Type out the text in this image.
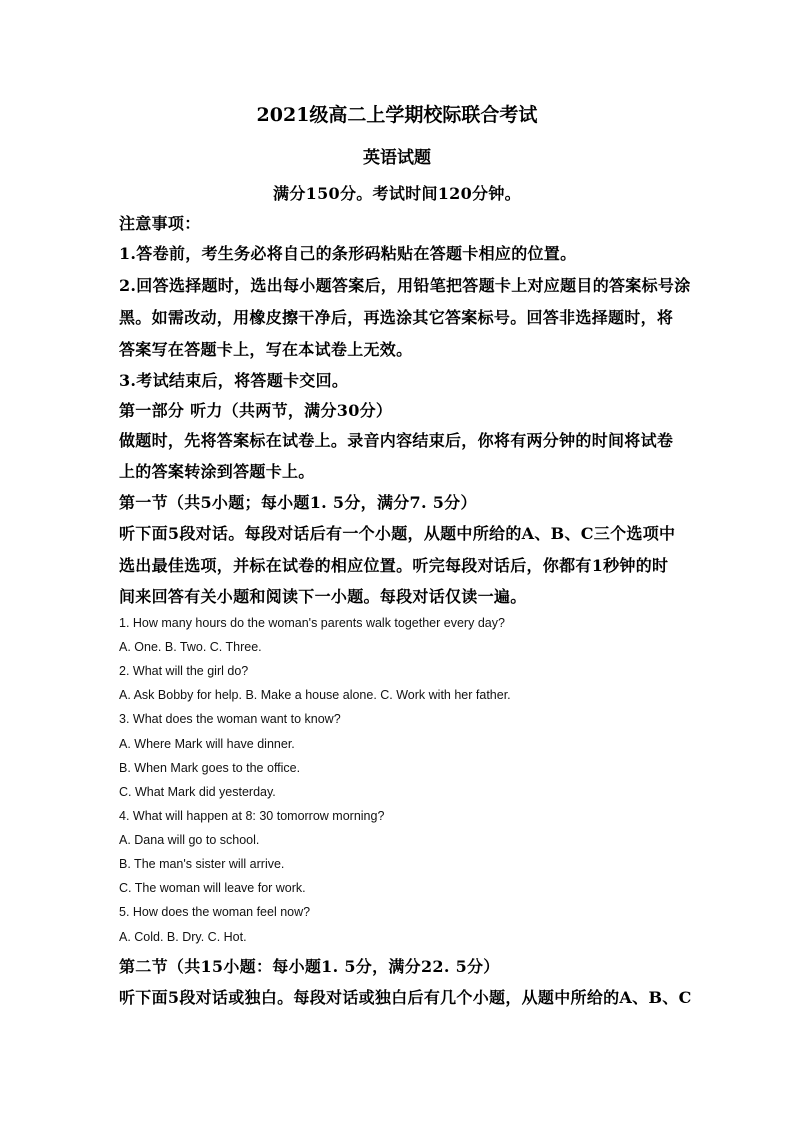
2021级高二上学期校际联合考试
英语试题
满分150分。考试时间120分钟。
注意事项：
1.答卷前，考生务必将自己的条形码粘贴在答题卡相应的位置。
2.回答选择题时，选出每小题答案后，用铅笔把答题卡上对应题目的答案标号涂
黑。如需改动，用橡皮擦干净后，再选涂其它答案标号。回答非选择题时，将
答案写在答题卡上，写在本试卷上无效。
3.考试结束后，将答题卡交回。
第一部分 听力（共两节，满分30分）
做题时，先将答案标在试卷上。录音内容结束后，你将有两分钟的时间将试卷
上的答案转涂到答题卡上。
第一节（共5小题；每小题1. 5分，满分7. 5分）
听下面5段对话。每段对话后有一个小题，从题中所给的A、B、C三个选项中
选出最佳选项，并标在试卷的相应位置。听完每段对话后，你都有1秒钟的时
间来回答有关小题和阅读下一小题。每段对话仅读一遍。
1. How many hours do the woman's parents walk together every day?
A. One. B. Two. C. Three.
2. What will the girl do?
A. Ask Bobby for help. B. Make a house alone. C. Work with her father.
3. What does the woman want to know?
A. Where Mark will have dinner.
B. When Mark goes to the office.
C. What Mark did yesterday.
4. What will happen at 8: 30 tomorrow morning?
A. Dana will go to school.
B. The man's sister will arrive.
C. The woman will leave for work.
5. How does the woman feel now?
A. Cold. B. Dry. C. Hot.
第二节（共15小题：每小题1. 5分，满分22. 5分）
听下面5段对话或独白。每段对话或独白后有几个小题，从题中所给的A、B、C
